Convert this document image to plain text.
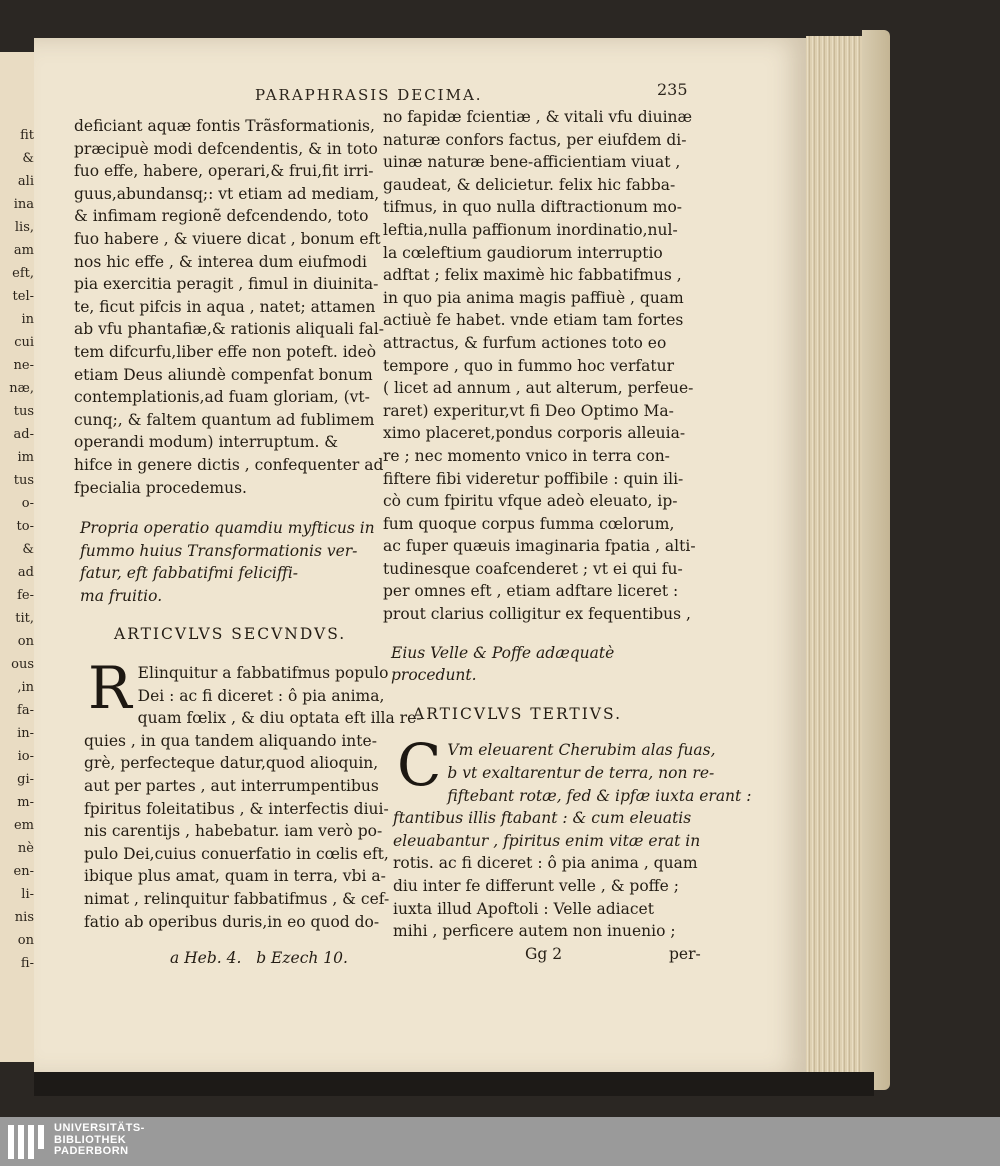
fit
&
ali
ina
lis,
am
eft,
tel-
in
cui
ne-
næ,
tus
ad-
im
tus
o-
to-
&
ad
fe-
tit,
on
ous
,in
fa-
in-
io-
gi-
m-
em
nè
en-
li-
nis
on
fi-
PARAPHRASIS DECIMA.	235
deficiant aquæ fontis Trãsformationis,
præcipuè modi defcendentis, & in toto
fuo effe, habere, operari,& frui,fit irri-
guus,abundansq;: vt etiam ad mediam,
& infimam regionẽ defcendendo, toto
fuo habere , & viuere dicat , bonum eft
nos hic effe , & interea dum eiufmodi
pia exercitia peragit , fimul in diuinita-
te, ficut pifcis in aqua , natet; attamen
ab vfu phantafiæ,& rationis aliquali fal-
tem difcurfu,liber effe non poteft. ideò
etiam Deus aliundè compenfat bonum
contemplationis,ad fuam gloriam, (vt-
cunq;, & faltem quantum ad fublimem
operandi modum) interruptum. &
hifce in genere dictis , confequenter ad
fpecialia procedemus.
Propria operatio quamdiu myfticus in
fummo huius Transformationis ver-
fatur, eft fabbatifmi feliciffi-
ma fruitio.
ARTICVLVS SECVNDVS.
R Elinquitur a fabbatifmus populo
Dei : ac fi diceret : ô pia anima,
quam fœlix , & diu optata eft illa re-
quies , in qua tandem aliquando inte-
grè, perfecteque datur,quod alioquin,
aut per partes , aut interrumpentibus
fpiritus foleitatibus , & interfectis diui-
nis carentijs , habebatur. iam verò po-
pulo Dei,cuius conuerfatio in cœlis eft,
ibique plus amat, quam in terra, vbi a-
nimat , relinquitur fabbatifmus , & cef-
fatio ab operibus duris,in eo quod do-
a Heb. 4.   b Ezech 10.
no fapidæ fcientiæ , & vitali vfu diuinæ
naturæ confors factus, per eiufdem di-
uinæ naturæ bene-afficientiam viuat ,
gaudeat, & delicietur. felix hic fabba-
tifmus, in quo nulla diftractionum mo-
leftia,nulla paffionum inordinatio,nul-
la cœleftium gaudiorum interruptio
adftat ; felix maximè hic fabbatifmus ,
in quo pia anima magis paffiuè , quam
actiuè fe habet. vnde etiam tam fortes
attractus, & furfum actiones toto eo
tempore , quo in fummo hoc verfatur
( licet ad annum , aut alterum, perfeue-
raret) experitur,vt fi Deo Optimo Ma-
ximo placeret,pondus corporis alleuia-
re ; nec momento vnico in terra con-
fiftere fibi videretur poffibile : quin ili-
cò cum fpiritu vfque adeò eleuato, ip-
fum quoque corpus fumma cœlorum,
ac fuper quæuis imaginaria fpatia , alti-
tudinesque coafcenderet ; vt ei qui fu-
per omnes eft , etiam adftare liceret :
prout clarius colligitur ex fequentibus ,
Eius Velle & Poffe adæquatè procedunt.
ARTICVLVS TERTIVS.
C Vm eleuarent Cherubim alas fuas,
b vt exaltarentur de terra, non re-
fiftebant rotæ, fed & ipfæ iuxta erant :
ftantibus illis ftabant : & cum eleuatis
eleuabantur , fpiritus enim vitæ erat in
rotis. ac fi diceret : ô pia anima , quam
diu inter fe differunt velle , & poffe ;
iuxta illud Apoftoli : Velle adiacet
mihi , perficere autem non inuenio ;
Gg 2	per-
UNIVERSITÄTS-
BIBLIOTHEK
PADERBORN
